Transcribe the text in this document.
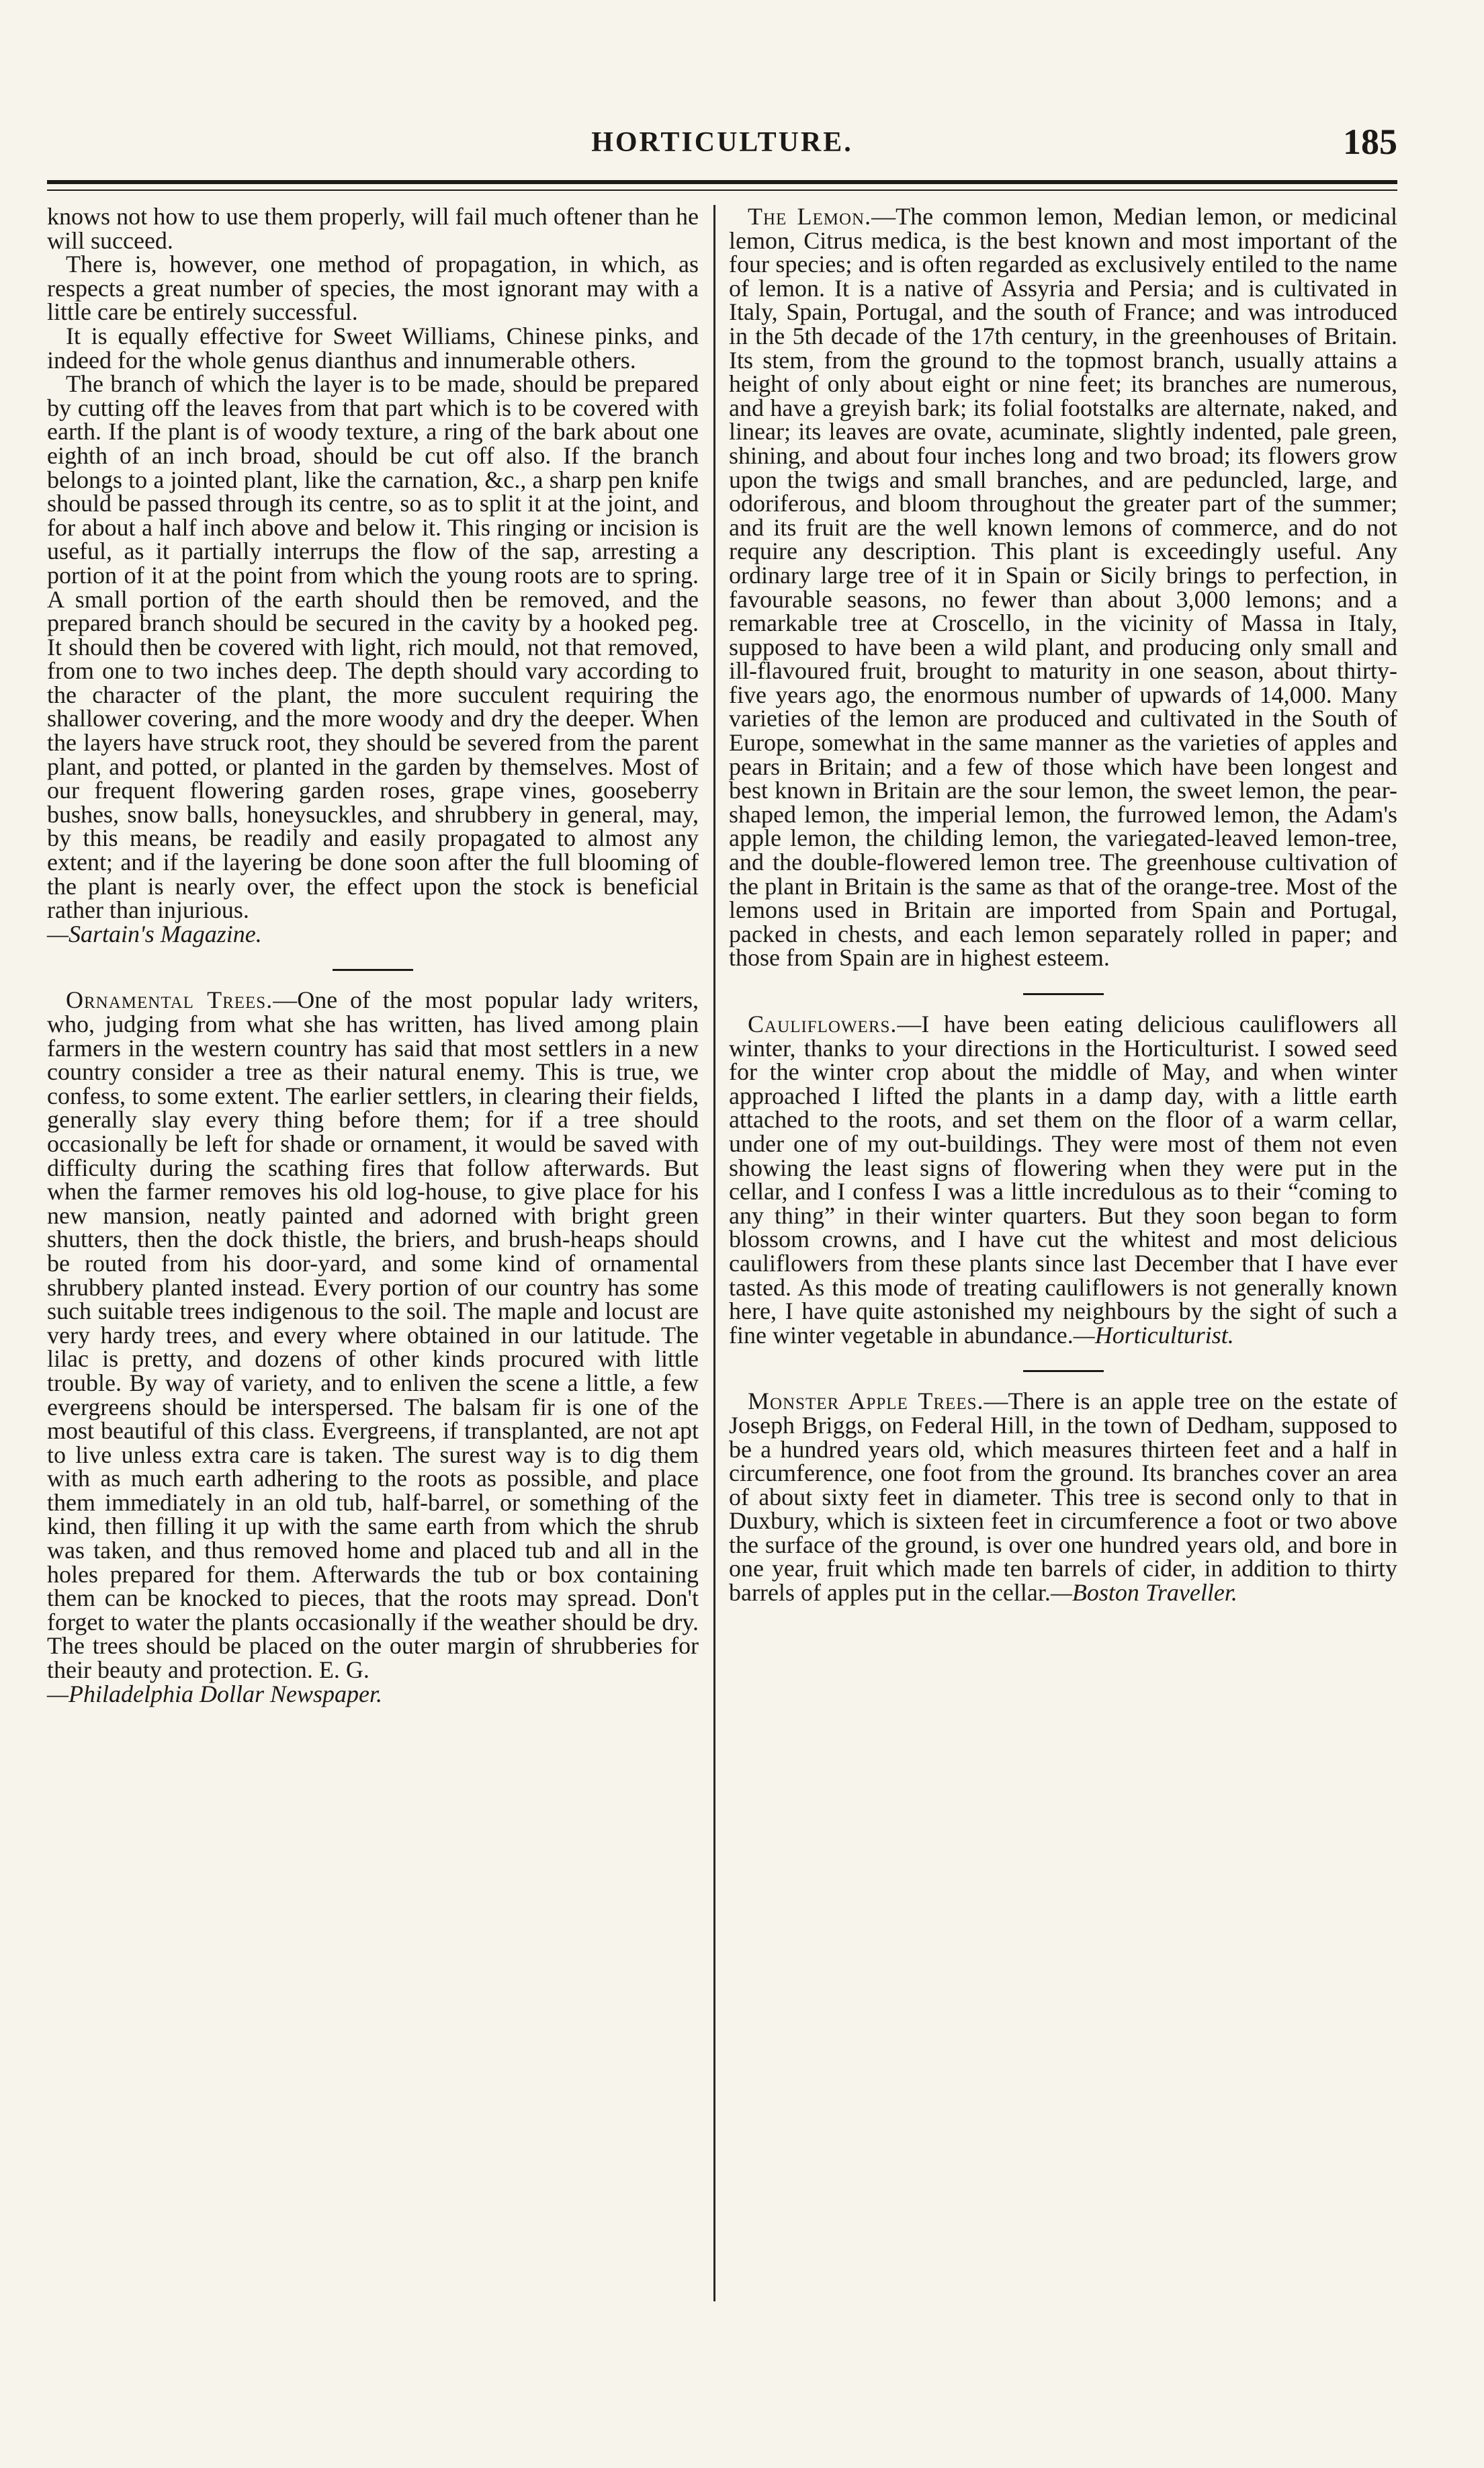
HORTICULTURE.	185

knows not how to use them properly, will fail much oftener than he will succeed.

There is, however, one method of propagation, in which, as respects a great number of species, the most ignorant may with a little care be entirely successful.

It is equally effective for Sweet Williams, Chinese pinks, and indeed for the whole genus dianthus and innumerable others.

The branch of which the layer is to be made, should be prepared by cutting off the leaves from that part which is to be covered with earth. If the plant is of woody texture, a ring of the bark about one eighth of an inch broad, should be cut off also. If the branch belongs to a jointed plant, like the carnation, &c., a sharp pen knife should be passed through its centre, so as to split it at the joint, and for about a half inch above and below it. This ringing or incision is useful, as it partially interrups the flow of the sap, arresting a portion of it at the point from which the young roots are to spring. A small portion of the earth should then be removed, and the prepared branch should be secured in the cavity by a hooked peg. It should then be covered with light, rich mould, not that removed, from one to two inches deep. The depth should vary according to the character of the plant, the more succulent requiring the shallower covering, and the more woody and dry the deeper. When the layers have struck root, they should be severed from the parent plant, and potted, or planted in the garden by themselves. Most of our frequent flowering garden roses, grape vines, gooseberry bushes, snow balls, honeysuckles, and shrubbery in general, may, by this means, be readily and easily propagated to almost any extent; and if the layering be done soon after the full blooming of the plant is nearly over, the effect upon the stock is beneficial rather than injurious.

—Sartain's Magazine.

Ornamental Trees.—One of the most popular lady writers, who, judging from what she has written, has lived among plain farmers in the western country has said that most settlers in a new country consider a tree as their natural enemy. This is true, we confess, to some extent. The earlier settlers, in clearing their fields, generally slay every thing before them; for if a tree should occasionally be left for shade or ornament, it would be saved with difficulty during the scathing fires that follow afterwards. But when the farmer removes his old log-house, to give place for his new mansion, neatly painted and adorned with bright green shutters, then the dock thistle, the briers, and brush-heaps should be routed from his door-yard, and some kind of ornamental shrubbery planted instead. Every portion of our country has some such suitable trees indigenous to the soil. The maple and locust are very hardy trees, and every where obtained in our latitude. The lilac is pretty, and dozens of other kinds procured with little trouble. By way of variety, and to enliven the scene a little, a few evergreens should be interspersed. The balsam fir is one of the most beautiful of this class. Evergreens, if transplanted, are not apt to live unless extra care is taken. The surest way is to dig them with as much earth adhering to the roots as possible, and place them immediately in an old tub, half-barrel, or something of the kind, then filling it up with the same earth from which the shrub was taken, and thus removed home and placed tub and all in the holes prepared for them. Afterwards the tub or box containing them can be knocked to pieces, that the roots may spread. Don't forget to water the plants occasionally if the weather should be dry. The trees should be placed on the outer margin of shrubberies for their beauty and protection. E. G.

—Philadelphia Dollar Newspaper.

The Lemon.—The common lemon, Median lemon, or medicinal lemon, Citrus medica, is the best known and most important of the four species; and is often regarded as exclusively entiled to the name of lemon. It is a native of Assyria and Persia; and is cultivated in Italy, Spain, Portugal, and the south of France; and was introduced in the 5th decade of the 17th century, in the greenhouses of Britain. Its stem, from the ground to the topmost branch, usually attains a height of only about eight or nine feet; its branches are numerous, and have a greyish bark; its folial footstalks are alternate, naked, and linear; its leaves are ovate, acuminate, slightly indented, pale green, shining, and about four inches long and two broad; its flowers grow upon the twigs and small branches, and are peduncled, large, and odoriferous, and bloom throughout the greater part of the summer; and its fruit are the well known lemons of commerce, and do not require any description. This plant is exceedingly useful. Any ordinary large tree of it in Spain or Sicily brings to perfection, in favourable seasons, no fewer than about 3,000 lemons; and a remarkable tree at Croscello, in the vicinity of Massa in Italy, supposed to have been a wild plant, and producing only small and ill-flavoured fruit, brought to maturity in one season, about thirty-five years ago, the enormous number of upwards of 14,000. Many varieties of the lemon are produced and cultivated in the South of Europe, somewhat in the same manner as the varieties of apples and pears in Britain; and a few of those which have been longest and best known in Britain are the sour lemon, the sweet lemon, the pear-shaped lemon, the imperial lemon, the furrowed lemon, the Adam's apple lemon, the childing lemon, the variegated-leaved lemon-tree, and the double-flowered lemon tree. The greenhouse cultivation of the plant in Britain is the same as that of the orange-tree. Most of the lemons used in Britain are imported from Spain and Portugal, packed in chests, and each lemon separately rolled in paper; and those from Spain are in highest esteem.

Cauliflowers.—I have been eating delicious cauliflowers all winter, thanks to your directions in the Horticulturist. I sowed seed for the winter crop about the middle of May, and when winter approached I lifted the plants in a damp day, with a little earth attached to the roots, and set them on the floor of a warm cellar, under one of my out-buildings. They were most of them not even showing the least signs of flowering when they were put in the cellar, and I confess I was a little incredulous as to their “coming to any thing” in their winter quarters. But they soon began to form blossom crowns, and I have cut the whitest and most delicious cauliflowers from these plants since last December that I have ever tasted. As this mode of treating cauliflowers is not generally known here, I have quite astonished my neighbours by the sight of such a fine winter vegetable in abundance.—Horticulturist.

Monster Apple Trees.—There is an apple tree on the estate of Joseph Briggs, on Federal Hill, in the town of Dedham, supposed to be a hundred years old, which measures thirteen feet and a half in circumference, one foot from the ground. Its branches cover an area of about sixty feet in diameter. This tree is second only to that in Duxbury, which is sixteen feet in circumference a foot or two above the surface of the ground, is over one hundred years old, and bore in one year, fruit which made ten barrels of cider, in addition to thirty barrels of apples put in the cellar.—Boston Traveller.
